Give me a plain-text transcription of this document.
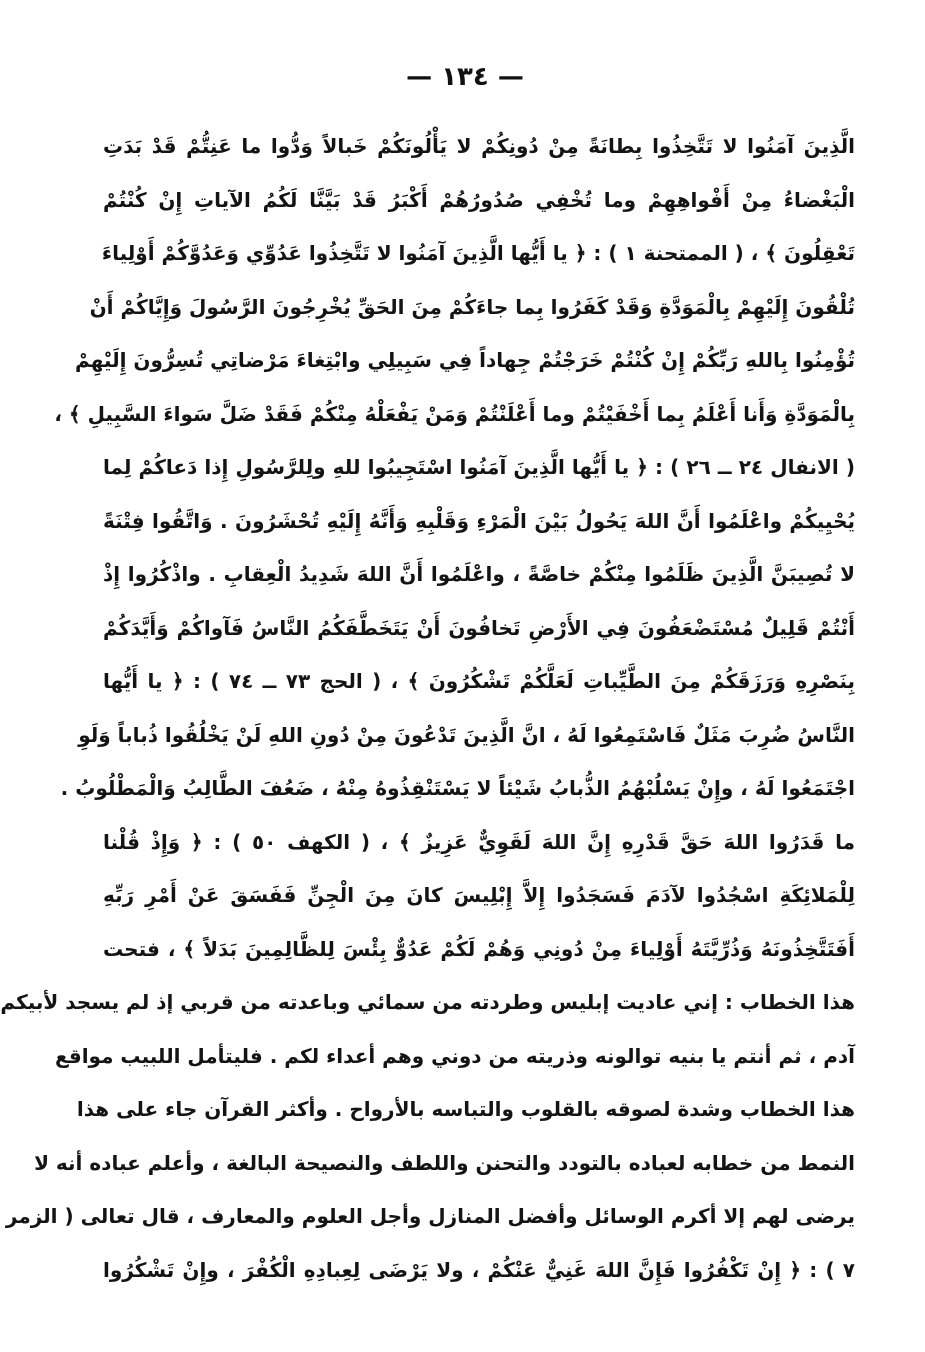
— ١٣٤ —
الَّذِينَ آمَنُوا لا تَتَّخِذُوا بِطانَةً مِنْ دُونِكُمْ لا يَأْلُونَكُمْ خَبالاً وَدُّوا ما عَنِتُّمْ قَدْ بَدَتِ
الْبَغْضاءُ مِنْ أَفْواهِهِمْ وما تُخْفِي صُدُورُهُمْ أَكْبَرُ قَدْ بَيَّنَّا لَكُمُ الآياتِ إِنْ كُنْتُمْ
تَعْقِلُونَ ﴾ ، ( الممتحنة ١ ) : ﴿ يا أَيُّها الَّذِينَ آمَنُوا لا تَتَّخِذُوا عَدُوِّي وَعَدُوَّكُمْ أَوْلِياءَ
تُلْقُونَ إِلَيْهِمْ بِالْمَوَدَّةِ وَقَدْ كَفَرُوا بِما جاءَكُمْ مِنَ الحَقِّ يُخْرِجُونَ الرَّسُولَ وَإِيَّاكُمْ أَنْ
تُؤْمِنُوا بِاللهِ رَبِّكُمْ إِنْ كُنْتُمْ خَرَجْتُمْ جِهاداً فِي سَبِيلِي وابْتِغاءَ مَرْضاتِي تُسِرُّونَ إِلَيْهِمْ
بِالْمَوَدَّةِ وَأَنا أَعْلَمُ بِما أَخْفَيْتُمْ وما أَعْلَنْتُمْ وَمَنْ يَفْعَلْهُ مِنْكُمْ فَقَدْ ضَلَّ سَواءَ السَّبِيلِ ﴾ ،
( الانفال ٢٤ ــ ٢٦ ) : ﴿ يا أَيُّها الَّذِينَ آمَنُوا اسْتَجِيبُوا للهِ ولِلرَّسُولِ إِذا دَعاكُمْ لِما
يُحْيِيكُمْ واعْلَمُوا أَنَّ اللهَ يَحُولُ بَيْنَ الْمَرْءِ وَقَلْبِهِ وَأَنَّهُ إِلَيْهِ تُحْشَرُونَ . وَاتَّقُوا فِتْنَةً
لا تُصِيبَنَّ الَّذِينَ ظَلَمُوا مِنْكُمْ خاصَّةً ، واعْلَمُوا أَنَّ اللهَ شَدِيدُ الْعِقابِ . واذْكُرُوا إِذْ
أَنْتُمْ قَلِيلٌ مُسْتَضْعَفُونَ فِي الأَرْضِ تَخافُونَ أَنْ يَتَخَطَّفَكُمُ النَّاسُ فَآواكُمْ وَأَيَّدَكُمْ
بِنَصْرِهِ وَرَزَقَكُمْ مِنَ الطَّيِّباتِ لَعَلَّكُمْ تَشْكُرُونَ ﴾ ، ( الحج ٧٣ ــ ٧٤ ) : ﴿ يا أَيُّها
النَّاسُ ضُرِبَ مَثَلٌ فَاسْتَمِعُوا لَهُ ، انَّ الَّذِينَ تَدْعُونَ مِنْ دُونِ اللهِ لَنْ يَخْلُقُوا ذُباباً وَلَوِ
اجْتَمَعُوا لَهُ ، وإِنْ يَسْلُبْهُمُ الذُّبابُ شَيْئاً لا يَسْتَنْقِذُوهُ مِنْهُ ، ضَعُفَ الطَّالِبُ وَالْمَطْلُوبُ .
ما قَدَرُوا اللهَ حَقَّ قَدْرِهِ إِنَّ اللهَ لَقَوِيٌّ عَزِيزٌ ﴾ ، ( الكهف ٥٠ ) : ﴿ وَإِذْ قُلْنا
لِلْمَلائِكَةِ اسْجُدُوا لآدَمَ فَسَجَدُوا إِلاَّ إِبْلِيسَ كانَ مِنَ الْجِنِّ فَفَسَقَ عَنْ أَمْرِ رَبِّهِ
أَفَتَتَّخِذُونَهُ وَذُرِّيَّتَهُ أَوْلِياءَ مِنْ دُونِي وَهُمْ لَكُمْ عَدُوٌّ بِئْسَ لِلظَّالِمِينَ بَدَلاً ﴾ ، فتحت
هذا الخطاب : إني عاديت إبليس وطردته من سمائي وباعدته من قربي إذ لم يسجد لأبيكم
آدم ، ثم أنتم يا بنيه توالونه وذريته من دوني وهم أعداء لكم . فليتأمل اللبيب مواقع
هذا الخطاب وشدة لصوقه بالقلوب والتباسه بالأرواح . وأكثر القرآن جاء على هذا
النمط من خطابه لعباده بالتودد والتحنن واللطف والنصيحة البالغة ، وأعلم عباده أنه لا
يرضى لهم إلا أكرم الوسائل وأفضل المنازل وأجل العلوم والمعارف ، قال تعالى ( الزمر
٧ ) : ﴿ إِنْ تَكْفُرُوا فَإِنَّ اللهَ غَنِيٌّ عَنْكُمْ ، ولا يَرْضَى لِعِبادِهِ الْكُفْرَ ، وإِنْ تَشْكُرُوا
